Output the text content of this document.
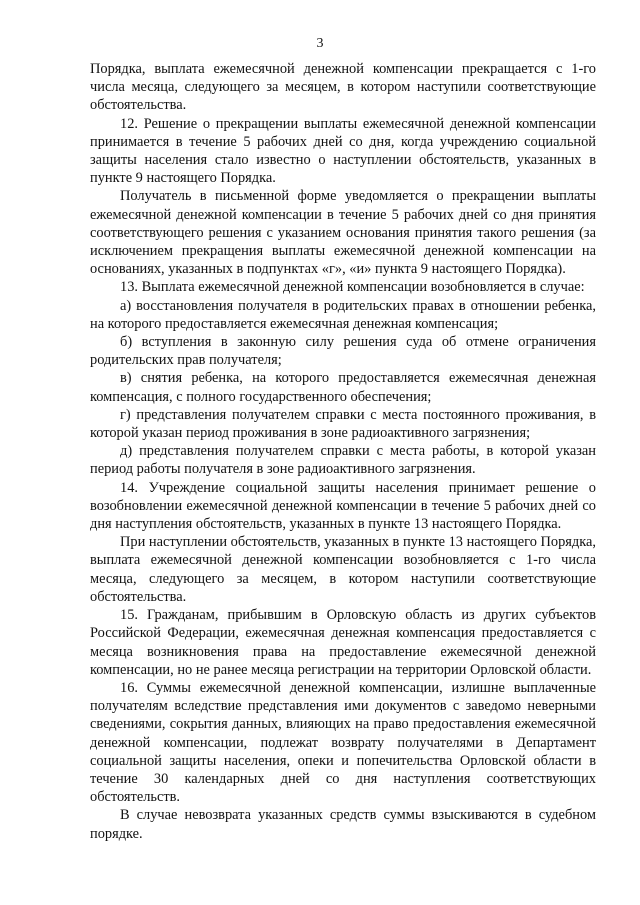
3

Порядка, выплата ежемесячной денежной компенсации прекращается с 1-го числа месяца, следующего за месяцем, в котором наступили соответствующие обстоятельства.

12. Решение о прекращении выплаты ежемесячной денежной компенсации принимается в течение 5 рабочих дней со дня, когда учреждению социальной защиты населения стало известно о наступлении обстоятельств, указанных в пункте 9 настоящего Порядка.

Получатель в письменной форме уведомляется о прекращении выплаты ежемесячной денежной компенсации в течение 5 рабочих дней со дня принятия соответствующего решения с указанием основания принятия такого решения (за исключением прекращения выплаты ежемесячной денежной компенсации на основаниях, указанных в подпунктах «г», «и» пункта 9 настоящего Порядка).

13. Выплата ежемесячной денежной компенсации возобновляется в случае:

а) восстановления получателя в родительских правах в отношении ребенка, на которого предоставляется ежемесячная денежная компенсация;

б) вступления в законную силу решения суда об отмене ограничения родительских прав получателя;

в) снятия ребенка, на которого предоставляется ежемесячная денежная компенсация, с полного государственного обеспечения;

г) представления получателем справки с места постоянного проживания, в которой указан период проживания в зоне радиоактивного загрязнения;

д) представления получателем справки с места работы, в которой указан период работы получателя в зоне радиоактивного загрязнения.

14. Учреждение социальной защиты населения принимает решение о возобновлении ежемесячной денежной компенсации в течение 5 рабочих дней со дня наступления обстоятельств, указанных в пункте 13 настоящего Порядка.

При наступлении обстоятельств, указанных в пункте 13 настоящего Порядка, выплата ежемесячной денежной компенсации возобновляется с 1-го числа месяца, следующего за месяцем, в котором наступили соответствующие обстоятельства.

15. Гражданам, прибывшим в Орловскую область из других субъектов Российской Федерации, ежемесячная денежная компенсация предоставляется с месяца возникновения права на предоставление ежемесячной денежной компенсации, но не ранее месяца регистрации на территории Орловской области.

16. Суммы ежемесячной денежной компенсации, излишне выплаченные получателям вследствие представления ими документов с заведомо неверными сведениями, сокрытия данных, влияющих на право предоставления ежемесячной денежной компенсации, подлежат возврату получателями в Департамент социальной защиты населения, опеки и попечительства Орловской области в течение 30 календарных дней со дня наступления соответствующих обстоятельств.

В случае невозврата указанных средств суммы взыскиваются в судебном порядке.
